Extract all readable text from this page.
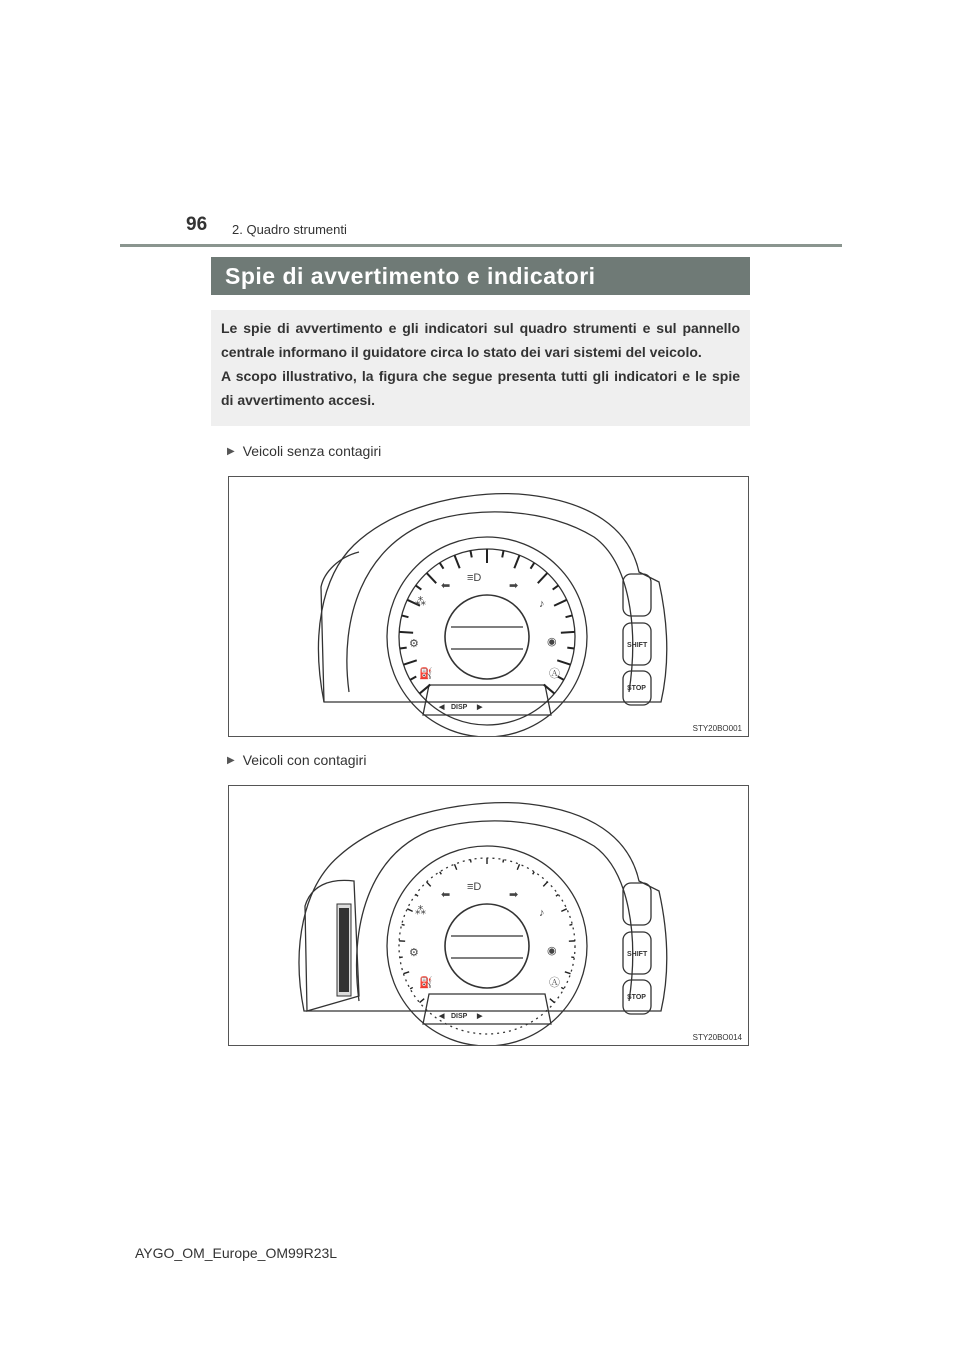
96 2. Quadro strumenti
Spie di avvertimento e indicatori

Le spie di avvertimento e gli indicatori sul quadro strumenti e sul pannello centrale informano il guidatore circa lo stato dei vari sistemi del veicolo.

A scopo illustrativo, la figura che segue presenta tutti gli indicatori e le spie di avvertimento accesi.

▶ Veicoli senza contagiri
DISP
SHIFT
STOP
◀	▶
≡D
⬅	➡
⁂	♪
⚙	◉
⛽	Ⓐ
STY20BO001
▶ Veicoli con contagiri
DISP
SHIFT
STOP
◀	▶
≡D
⬅	➡
⁂	♪
⚙	◉
⛽	Ⓐ
STY20BO014
AYGO_OM_Europe_OM99R23L
